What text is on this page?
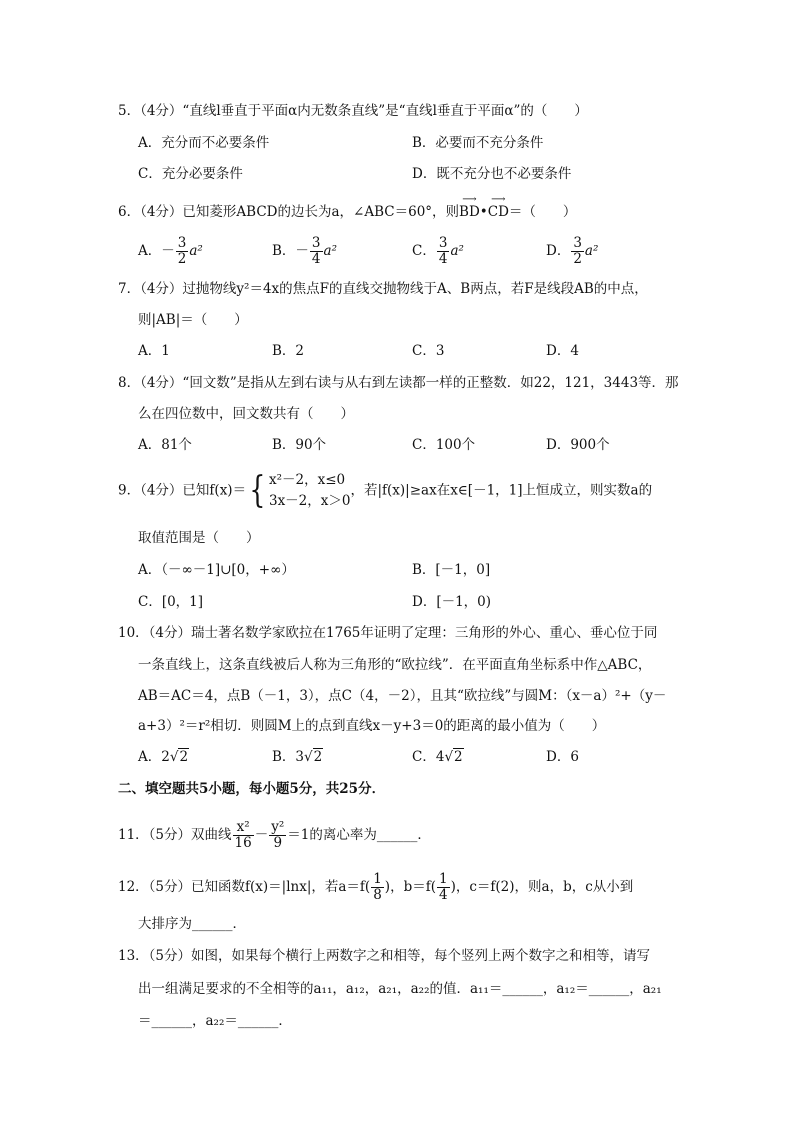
5．（4分）“直线l垂直于平面α内无数条直线”是“直线l垂直于平面α”的（　　）
A．充分而不必要条件	B．必要而不充分条件
C．充分必要条件	D．既不充分也不必要条件
6．（4分）已知菱形ABCD的边长为a，∠ABC＝60°，则⟶ BD•⟶ CD＝（　　）
A．－ $\frac{3}{2} a^2$	B．－ $\frac{3}{4} a^2$	C． $\frac{3}{4} a^2$	D． $\frac{3}{2} a^2$
7．（4分）过抛物线y²＝4x的焦点F的直线交抛物线于A、B两点，若F是线段AB的中点，
则|AB|＝（　　）
A．1	B．2	C．3	D．4
8．（4分）“回文数”是指从左到右读与从右到左读都一样的正整数．如22，121，3443等．那
么在四位数中，回文数共有（　　）
A．81个	B．90个	C．100个	D．900个
9．（4分）已知f(x)＝{ x²－2，x≤0
3x－2，x＞0
，若|f(x)|≥ax在x∈[－1，1]上恒成立，则实数a的
取值范围是（　　）
A．（－∞－1]∪[0，+∞）	B．[－1，0]
C．[0，1]	D．[－1，0)
10．（4分）瑞士著名数学家欧拉在1765年证明了定理：三角形的外心、重心、垂心位于同
一条直线上，这条直线被后人称为三角形的“欧拉线”．在平面直角坐标系中作△ABC，
AB＝AC＝4，点B（－1，3），点C（4，－2），且其“欧拉线”与圆M：（x－a）²+（y－
a+3）²＝r²相切．则圆M上的点到直线x－y+3＝0的距离的最小值为（　　）
A．2√2	B．3√2	C．4√2	D．6
二、填空题共5小题，每小题5分，共25分．
11．（5分）双曲线 $\frac{\text{x²}}{16} - \frac{\text{y²}}{9} =1$的离心率为______．
12．（5分）已知函数f(x)＝|lnx|，若$a=f( \frac{1}{8}$ )，$b=f( \frac{1}{4}$ )，c＝f(2)，则a，b，c从小到
大排序为______．
13．（5分）如图，如果每个横行上两数字之和相等，每个竖列上两个数字之和相等，请写
出一组满足要求的不全相等的a₁₁，a₁₂，a₂₁，a₂₂的值．a₁₁＝______，a₁₂＝______，a₂₁
＝______，a₂₂＝______．
